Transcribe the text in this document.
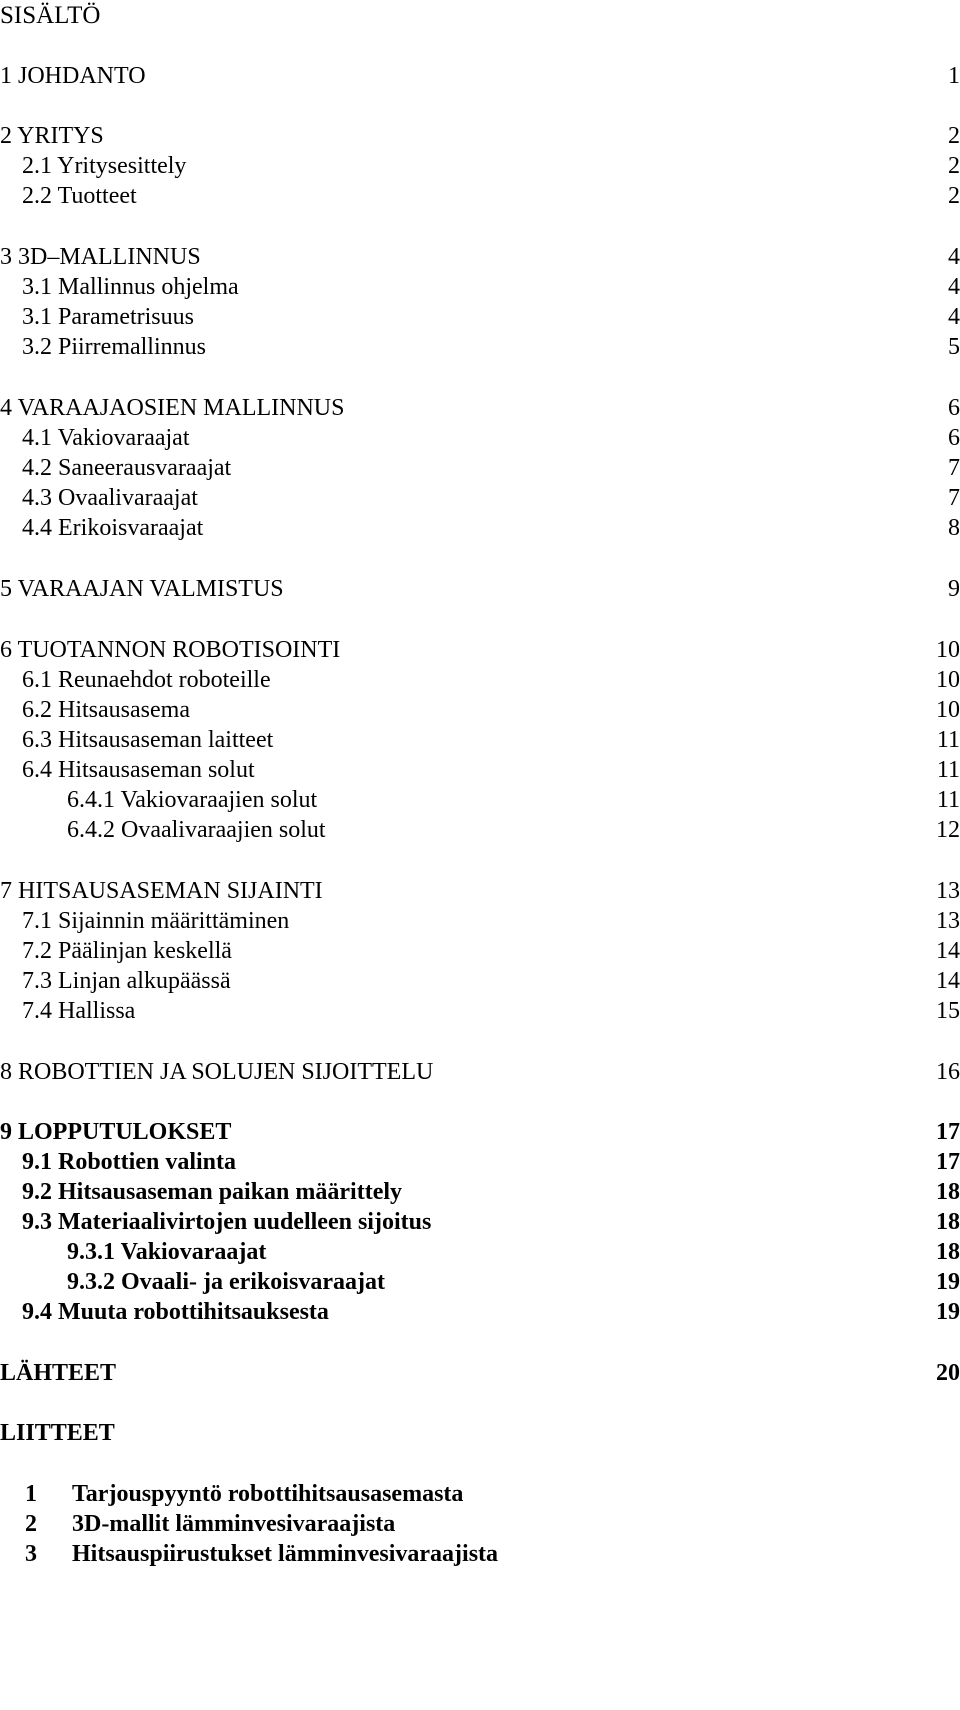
SISÄLTÖ
1 JOHDANTO	1
2 YRITYS	2
2.1 Yritysesittely	2
2.2 Tuotteet	2
3 3D–MALLINNUS	4
3.1 Mallinnus ohjelma	4
3.1 Parametrisuus	4
3.2 Piirremallinnus	5
4 VARAAJAOSIEN MALLINNUS	6
4.1 Vakiovaraajat	6
4.2 Saneerausvaraajat	7
4.3 Ovaalivaraajat	7
4.4 Erikoisvaraajat	8
5 VARAAJAN VALMISTUS	9
6 TUOTANNON ROBOTISOINTI	10
6.1 Reunaehdot roboteille	10
6.2 Hitsausasema	10
6.3 Hitsausaseman laitteet	11
6.4 Hitsausaseman solut	11
6.4.1 Vakiovaraajien solut	11
6.4.2 Ovaalivaraajien solut	12
7 HITSAUSASEMAN SIJAINTI	13
7.1 Sijainnin määrittäminen	13
7.2 Päälinjan keskellä	14
7.3 Linjan alkupäässä	14
7.4 Hallissa	15
8 ROBOTTIEN JA SOLUJEN SIJOITTELU	16
9 LOPPUTULOKSET	17
9.1 Robottien valinta	17
9.2 Hitsausaseman paikan määrittely	18
9.3 Materiaalivirtojen uudelleen sijoitus	18
9.3.1 Vakiovaraajat	18
9.3.2 Ovaali- ja erikoisvaraajat	19
9.4 Muuta robottihitsauksesta	19
LÄHTEET	20
LIITTEET
1 Tarjouspyyntö robottihitsausasemasta
2 3D-mallit lämminvesivaraajista
3 Hitsauspiirustukset lämminvesivaraajista
